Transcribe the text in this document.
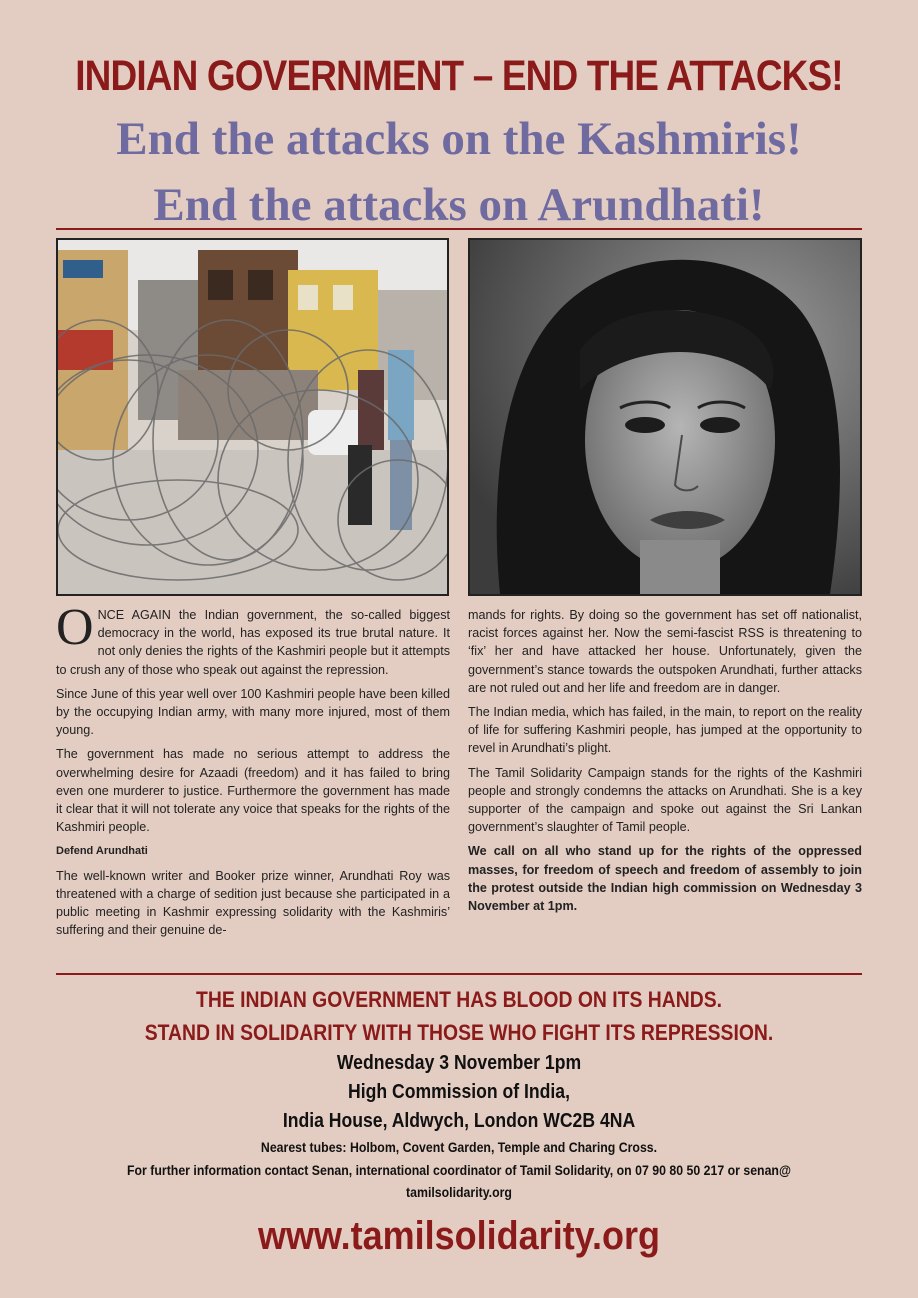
INDIAN GOVERNMENT – END THE ATTACKS!
End the attacks on the Kashmiris!
End the attacks on Arundhati!

ONCE AGAIN the Indian government, the so-called biggest democracy in the world, has exposed its true brutal nature. It not only denies the rights of the Kashmiri people but it attempts to crush any of those who speak out against the repression.

Since June of this year well over 100 Kashmiri people have been killed by the occupying Indian army, with many more injured, most of them young.

The government has made no serious attempt to address the overwhelming desire for Azaadi (freedom) and it has failed to bring even one murderer to justice. Furthermore the government has made it clear that it will not tolerate any voice that speaks for the rights of the Kashmiri people.

Defend Arundhati

The well-known writer and Booker prize winner, Arundhati Roy was threatened with a charge of sedition just because she participated in a public meeting in Kashmir expressing solidarity with the Kashmiris’ suffering and their genuine de-

mands for rights. By doing so the government has set off nationalist, racist forces against her. Now the semi-fascist RSS is threatening to ‘fix’ her and have attacked her house. Unfortunately, given the government’s stance towards the outspoken Arundhati, further attacks are not ruled out and her life and freedom are in danger.

The Indian media, which has failed, in the main, to report on the reality of life for suffering Kashmiri people, has jumped at the opportunity to revel in Arundhati’s plight.

The Tamil Solidarity Campaign stands for the rights of the Kashmiri people and strongly condemns the attacks on Arundhati. She is a key supporter of the campaign and spoke out against the Sri Lankan government’s slaughter of Tamil people.

We call on all who stand up for the rights of the oppressed masses, for freedom of speech and freedom of assembly to join the protest outside the Indian high commission on Wednesday 3 November at 1pm.

THE INDIAN GOVERNMENT HAS BLOOD ON ITS HANDS.

STAND IN SOLIDARITY WITH THOSE WHO FIGHT ITS REPRESSION.

Wednesday 3 November 1pm

High Commission of India,

India House, Aldwych, London WC2B 4NA

Nearest tubes: Holbom, Covent Garden, Temple and Charing Cross.

For further information contact Senan, international coordinator of Tamil Solidarity, on 07 90 80 50 217 or senan@

tamilsolidarity.org

www.tamilsolidarity.org
